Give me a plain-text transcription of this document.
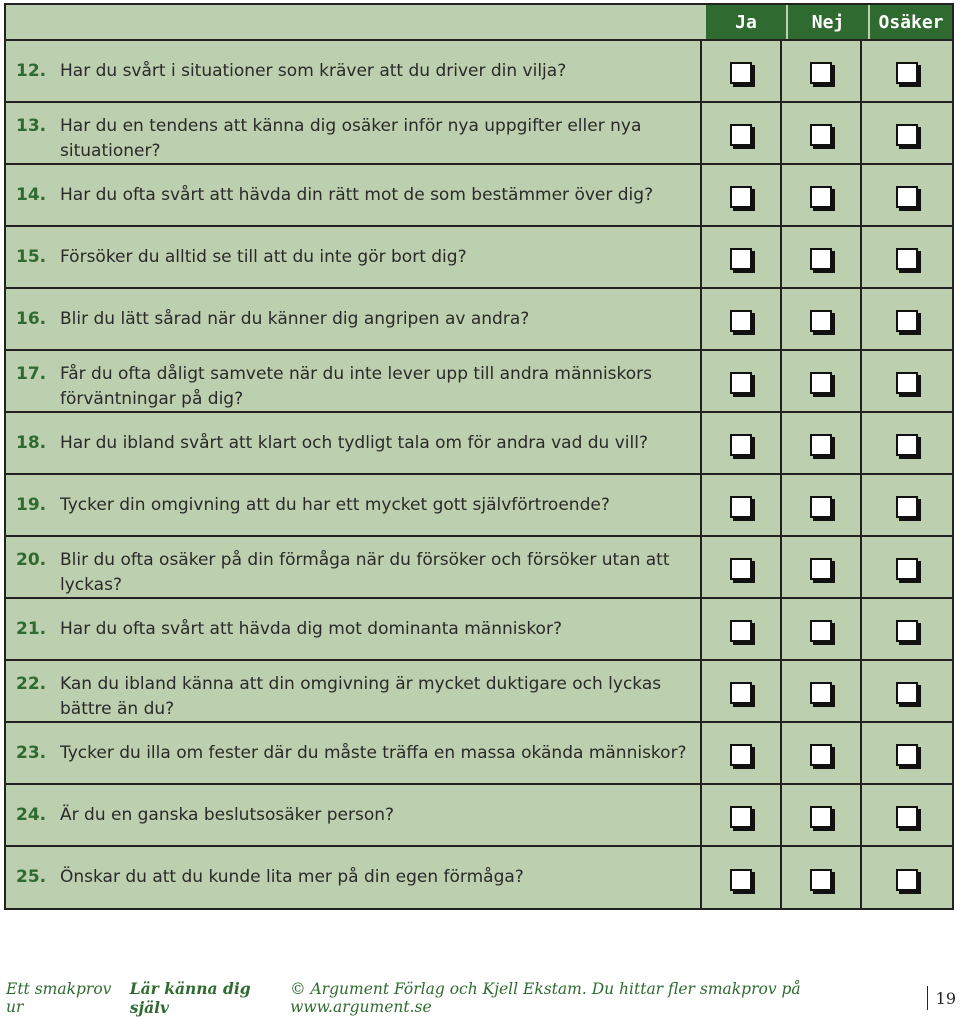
Ja	Nej	Osäker
12. Har du svårt i situationer som kräver att du driver din vilja?
13. Har du en tendens att känna dig osäker inför nya uppgifter eller nya situationer?
14. Har du ofta svårt att hävda din rätt mot de som bestämmer över dig?
15. Försöker du alltid se till att du inte gör bort dig?
16. Blir du lätt sårad när du känner dig angripen av andra?
17. Får du ofta dåligt samvete när du inte lever upp till andra människors förväntningar på dig?
18. Har du ibland svårt att klart och tydligt tala om för andra vad du vill?
19. Tycker din omgivning att du har ett mycket gott självförtroende?
20. Blir du ofta osäker på din förmåga när du försöker och försöker utan att lyckas?
21. Har du ofta svårt att hävda dig mot dominanta människor?
22. Kan du ibland känna att din omgivning är mycket duktigare och lyckas bättre än du?
23. Tycker du illa om fester där du måste träffa en massa okända människor?
24. Är du en ganska beslutsosäker person?
25. Önskar du att du kunde lita mer på din egen förmåga?
Ett smakprov ur
Lär känna dig själv
© Argument Förlag och Kjell Ekstam. Du hittar fler smakprov på www.argument.se	19
